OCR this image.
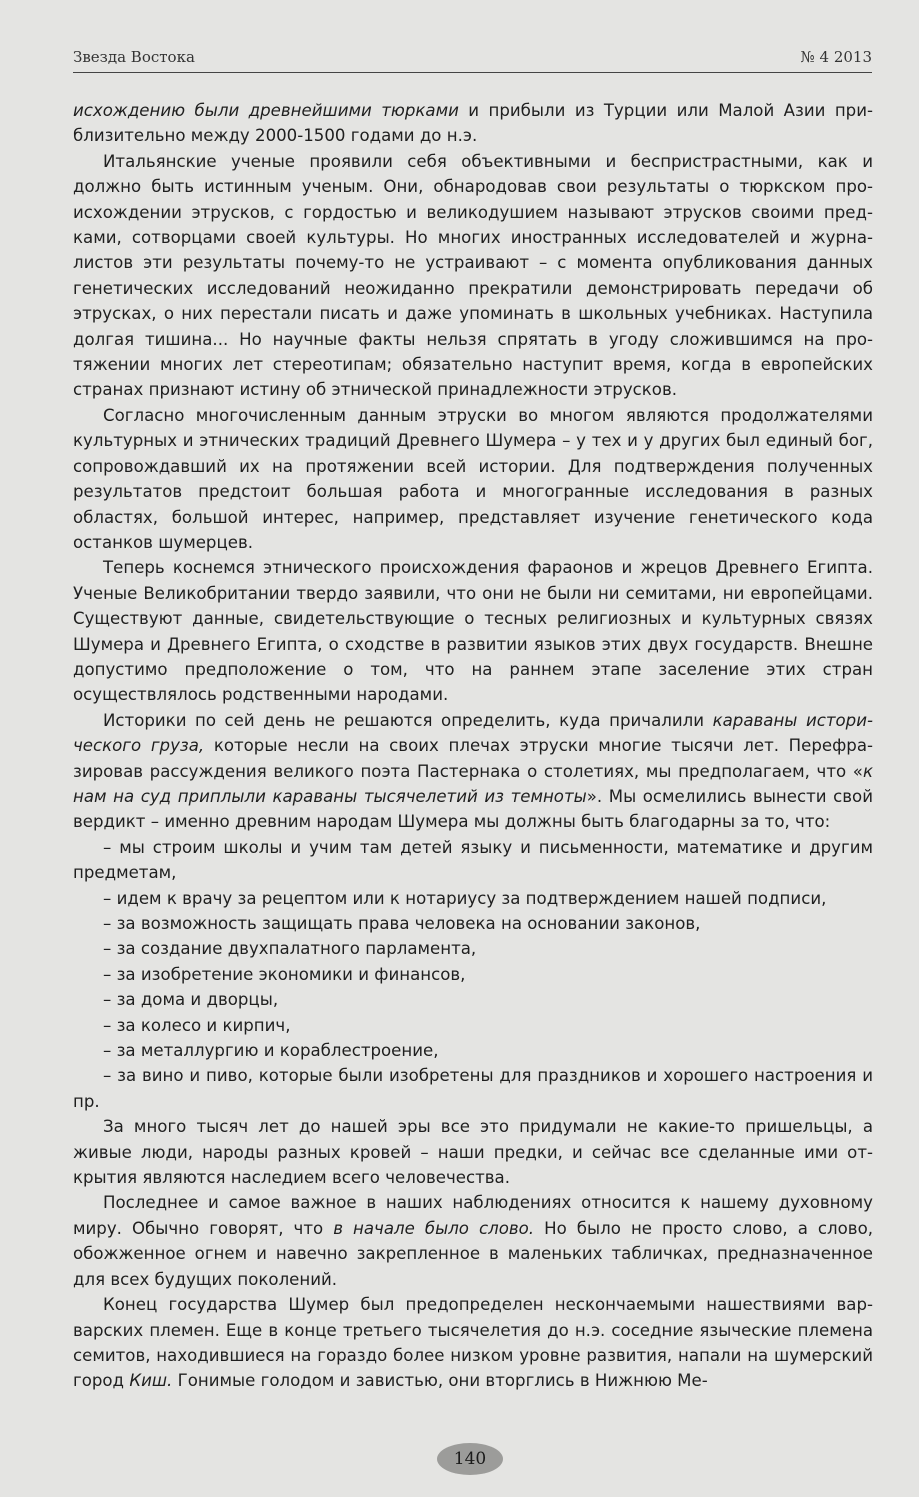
Звезда Востока	№ 4 2013

исхождению были древнейшими тюрками и прибыли из Турции или Малой Азии приблизительно между 2000-1500 годами до н.э.

Итальянские ученые проявили себя объективными и беспристрастными, как и должно быть истинным ученым. Они, обнародовав свои результаты о тюркском происхождении этрусков, с гордостью и великодушием называют этрусков своими предками, сотворцами своей культуры. Но многих иностранных исследователей и журналистов эти результаты почему-то не устраивают – с момента опубликования данных генетических исследований неожиданно прекратили демонстрировать передачи об этрусках, о них перестали писать и даже упоминать в школьных учебниках. Наступила долгая тишина... Но научные факты нельзя спрятать в угоду сложившимся на протяжении многих лет стереотипам; обязательно наступит время, когда в европейских странах признают истину об этнической принадлежности этрусков.

Согласно многочисленным данным этруски во многом являются продолжателями культурных и этнических традиций Древнего Шумера – у тех и у других был единый бог, сопровождавший их на протяжении всей истории. Для подтверждения полученных результатов предстоит большая работа и многогранные исследования в разных областях, большой интерес, например, представляет изучение генетического кода останков шумерцев.

Теперь коснемся этнического происхождения фараонов и жрецов Древнего Египта. Ученые Великобритании твердо заявили, что они не были ни семитами, ни европейцами. Существуют данные, свидетельствующие о тесных религиозных и культурных связях Шумера и Древнего Египта, о сходстве в развитии языков этих двух государств. Внешне допустимо предположение о том, что на раннем этапе заселение этих стран осуществлялось родственными народами.

Историки по сей день не решаются определить, куда причалили караваны исторического груза, которые несли на своих плечах этруски многие тысячи лет. Перефразировав рассуждения великого поэта Пастернака о столетиях, мы предполагаем, что «к нам на суд приплыли караваны тысячелетий из темноты». Мы осмелились вынести свой вердикт – именно древним народам Шумера мы должны быть благодарны за то, что:

– мы строим школы и учим там детей языку и письменности, математике и другим предметам,

– идем к врачу за рецептом или к нотариусу за подтверждением нашей подписи,

– за возможность защищать права человека на основании законов,

– за создание двухпалатного парламента,

– за изобретение экономики и финансов,

– за дома и дворцы,

– за колесо и кирпич,

– за металлургию и кораблестроение,

– за вино и пиво, которые были изобретены для праздников и хорошего настроения и пр.

За много тысяч лет до нашей эры все это придумали не какие-то пришельцы, а живые люди, народы разных кровей – наши предки, и сейчас все сделанные ими открытия являются наследием всего человечества.

Последнее и самое важное в наших наблюдениях относится к нашему духовному миру. Обычно говорят, что в начале было слово. Но было не просто слово, а слово, обожженное огнем и навечно закрепленное в маленьких табличках, предназначенное для всех будущих поколений.

Конец государства Шумер был предопределен нескончаемыми нашествиями варварских племен. Еще в конце третьего тысячелетия до н.э. соседние языческие племена семитов, находившиеся на гораздо более низком уровне развития, напали на шумерский город Киш. Гонимые голодом и завистью, они вторглись в Нижнюю Ме-

140
